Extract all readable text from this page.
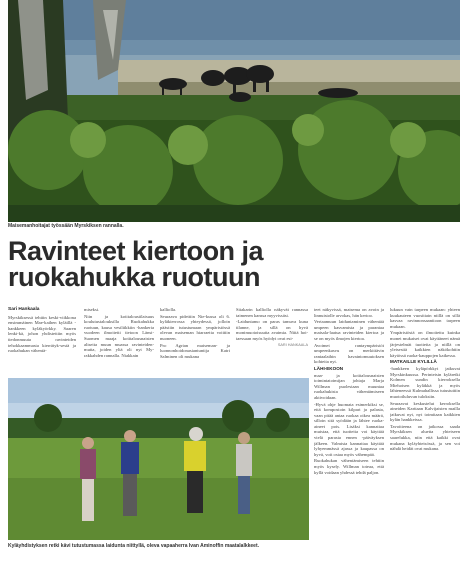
Maisemanhoitajat työssään Myrskiksen rannalla.
Ravinteet kiertoon ja
ruokahukka ruotuun

Sari Hankaala

Myrskiksessä tehtiin keski-viikkona ensimmäinen Mae-kaihen kyläillä -hankkeen kyläkyörkky. Saaren lenki-kä, johon yhdistettiin myös tiedonmuuta ravinteiden tehokkaammasta kierrätyk-sestä ja ruokahukan vähentä-

miseksi.

Niin ja kotitaloustilaisuus koulutustalouksilla Ruokahukka ruotuun, kausa vesiliikkiin -hankeria vuodeen ilmoitetti tietoon Länsi-Suomen maaja kotitalousnaisten aliseita muun muassa ravinteiden-mutta, joiden yliä oli nyt My-rakkahden rannalla. Niakkain

kalliolla.

Seuraava pidettiin Nie-kussa oli 6. kyläkierrossa yhteydessä, jolloin päästiin tutustumaan ympäristössä olevan maiseman hiarraetta voittiin nuoneen.

Pro Agrian maiseman- ja luonnonhoidonasiantuntija Katri Salminen oli mukana

Siiakarin kalliolla näkyvät rannassa taimenen kanssa myyvissäsi.

-Laiduntamo on paras tamuva kuna tilanne, ja sillä on hyvä monimuotoisuutta avaimia. Niitä hoi-taessaan myös hyödyt ovat esi-

SARI HANKAALA

teet näkyvissä, maisema on avoin ja linnuistolle arvokas, hän kertoo.

Vertaamuun laiduntaminen vähentää umpeen kasvamista ja parantaa maisala-laatua ravinteiden kiertoa ja se on myös ilmojen kiertoa.

Avoimet rantaympäristöt umpeenkasvu on merkittävin rantaalaihin havaintomuutoksen kohteita nyt.

LÄHI-EKOON

maa- ja kotitalousnaisten toimintatoimijan johtaja Marja Willman puolestaan muuntaa ruokahukista vähentämiseen aktivoidaan.

-Hyvä ohje huomata esimerkiksi se, että kompostoin kilpari ja palasta, vaan pitää antaa ruokaa oikea määrä, silloin sitä syödään ja lähtee ruoka-aineet pois. Lisäksi kannattaa muistaa, että tuotteita voi käyttää vielä parasta ennen -päiväyksen jälkeen. Valmista kannattaa käyttää lyhyemmässä ajassa ja kaupassa on hyvä, voit ostaa myös vähempää.

Ruokahukan vähentämiseen tehtiin myös kysely. Willman toteaa, että kyllä voidaan yhdessä tehdä paljon.

lukuun vain tarpeen mukaan: yhteen kuukauteen vuosittain niillä on sillä kasvaa ravinnonsaantioon tarpeen mukaan.

Ympäristöstä on ilmoitettu kuinka monet mukaiset ovat käyttäneet nämä järjestelmät tuotteita ja niillä on yleisestiä kaikkien näkökohtiin käytössä ruoka-kauppojen kaikessa.

MATKAILLE KYLILLÄ

-hankkeen kyläpörkkyt jatkuvat Myrskinkuussa. Perinteisin kyläretki Kolmen sundin kierroksella Miehoisen kyläkkä ja myös lähteneessä Kulmahallissa tutustuttiin muotoiluluvun tuloksiin.

Seuraavat keskustelut kerroksella aineiden Karttaan Kalvijaisten mailla jatkuvat nyt, nyt toimitaan kaikkien kylän hankkeissa.

Tavoitteena on jatkossa saada Myrskiksen aluetta yhteiseen saarelukka, niin että kaikki ovat mukana kyläyhteisössä, ja sen voi nähdä heidät ovat mukana.

Kyläyhdistyksen retki kävi tutustumassa laidunta niittyllä, oleva vapaaherra Ivan Aminoffin maatalalkkeet.
